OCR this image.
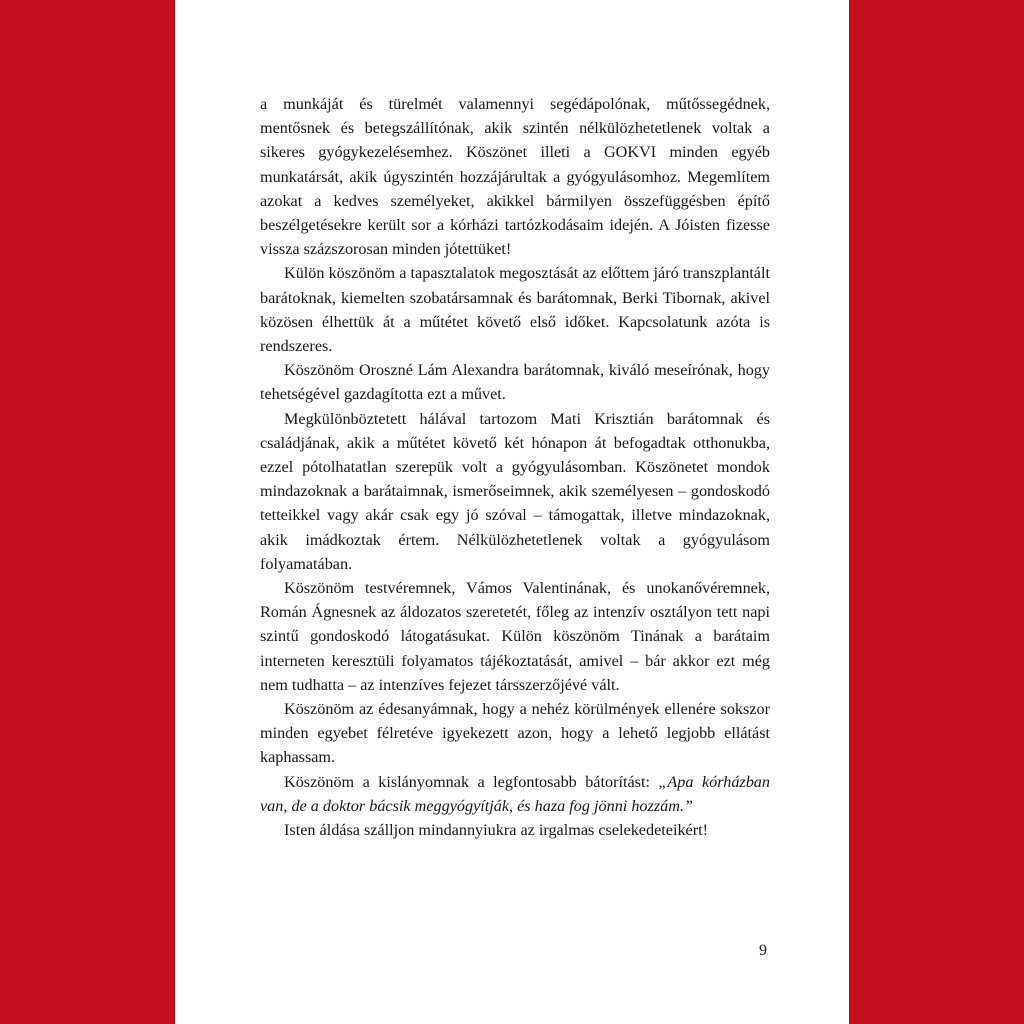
a munkáját és türelmét valamennyi segédápolónak, műtőssegédnek, mentősnek és betegszállítónak, akik szintén nélkülözhetetlenek voltak a sikeres gyógykezelésemhez. Köszönet illeti a GOKVI minden egyéb munkatársát, akik úgyszintén hozzájárultak a gyógyulásomhoz. Megemlítem azokat a kedves személyeket, akikkel bármilyen összefüggésben építő beszélgetésekre került sor a kórházi tartózkodásaim idején. A Jóisten fizesse vissza százszorosan minden jótettüket!

Külön köszönöm a tapasztalatok megosztását az előttem járó transzplantált barátoknak, kiemelten szobatársamnak és barátomnak, Berki Tibornak, akivel közösen élhettük át a műtétet követő első időket. Kapcsolatunk azóta is rendszeres.

Köszönöm Oroszné Lám Alexandra barátomnak, kiváló meseírónak, hogy tehetségével gazdagította ezt a művet.

Megkülönböztetett hálával tartozom Mati Krisztián barátomnak és családjának, akik a műtétet követő két hónapon át befogadtak otthonukba, ezzel pótolhatatlan szerepük volt a gyógyulásomban. Köszönetet mondok mindazoknak a barátaimnak, ismerőseimnek, akik személyesen – gondoskodó tetteikkel vagy akár csak egy jó szóval – támogattak, illetve mindazoknak, akik imádkoztak értem. Nélkülözhetetlenek voltak a gyógyulásom folyamatában.

Köszönöm testvéremnek, Vámos Valentinának, és unokanővéremnek, Román Ágnesnek az áldozatos szeretetét, főleg az intenzív osztályon tett napi szintű gondoskodó látogatásukat. Külön köszönöm Tinának a barátaim interneten keresztüli folyamatos tájékoztatását, amivel – bár akkor ezt még nem tudhatta – az intenzíves fejezet társszerzőjévé vált.

Köszönöm az édesanyámnak, hogy a nehéz körülmények ellenére sokszor minden egyebet félretéve igyekezett azon, hogy a lehető legjobb ellátást kaphassam.

Köszönöm a kislányomnak a legfontosabb bátorítást: „Apa kórházban van, de a doktor bácsik meggyógyítják, és haza fog jönni hozzám.”

Isten áldása szálljon mindannyiukra az irgalmas cselekedeteikért!

9
